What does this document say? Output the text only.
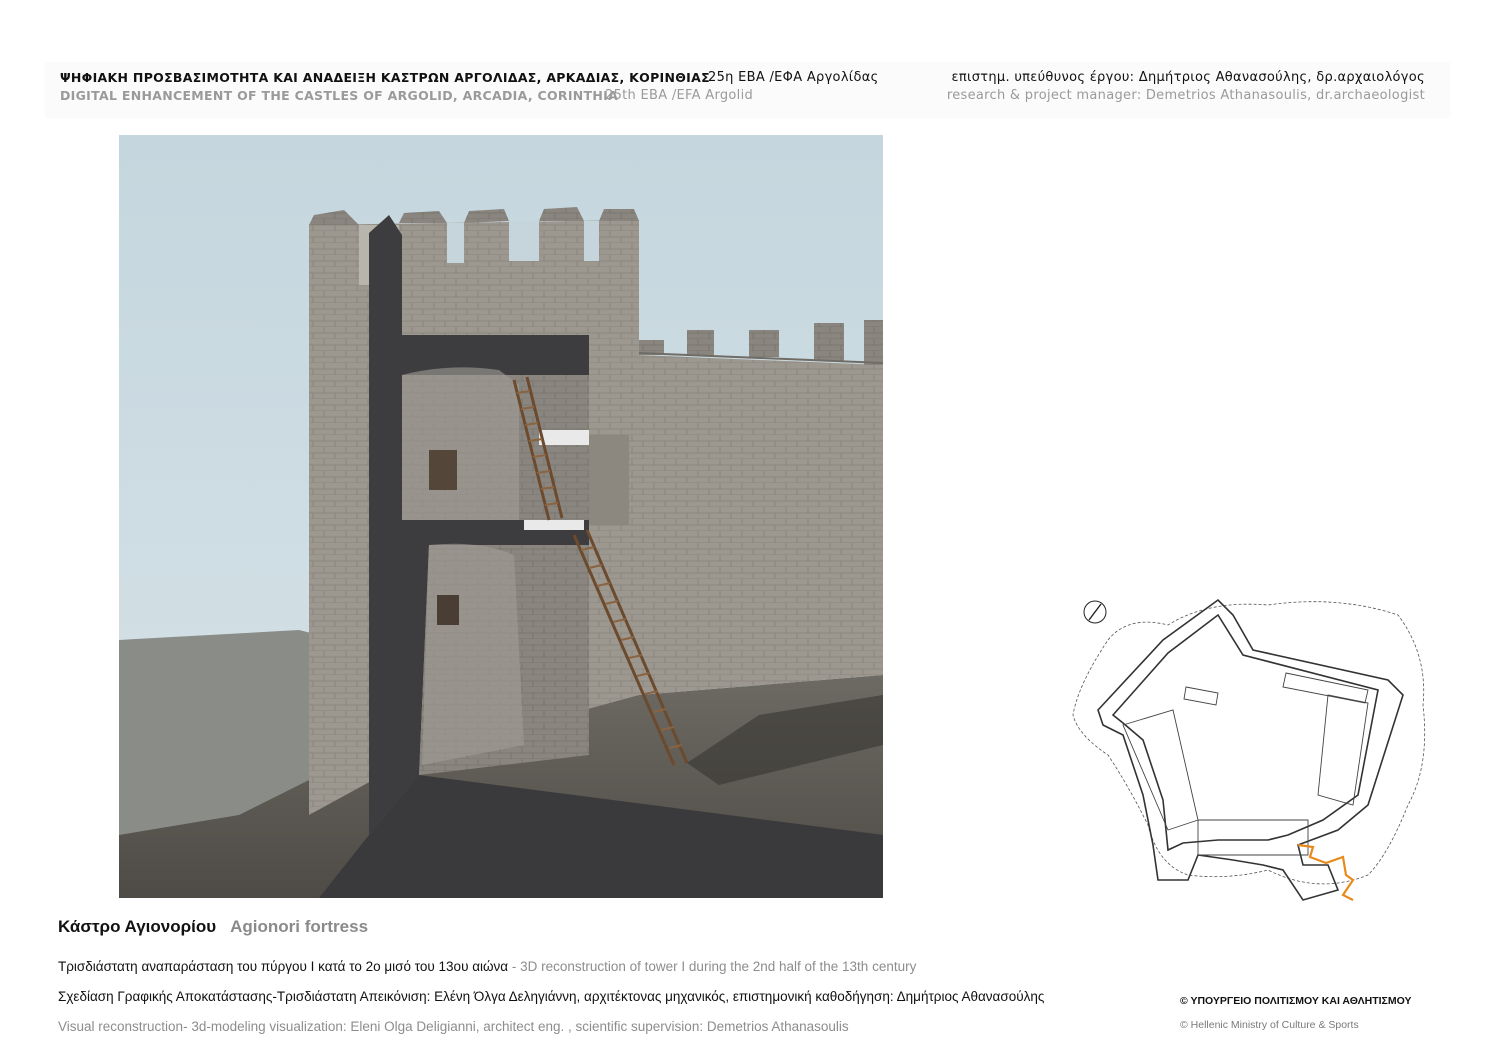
ΨΗΦΙΑΚΗ ΠΡΟΣΒΑΣΙΜΟΤΗΤΑ ΚΑΙ ΑΝΑΔΕΙΞΗ ΚΑΣΤΡΩΝ ΑΡΓΟΛΙΔΑΣ, ΑΡΚΑΔΙΑΣ, ΚΟΡΙΝΘΙΑΣ
DIGITAL ENHANCEMENT OF THE CASTLES OF ARGOLID, ARCADIA, CORINTHIA
25η ΕΒΑ /ΕΦΑ Αργολίδας
25th EBA /EFA Argolid
επιστημ. υπεύθυνος έργου: Δημήτριος Αθανασούλης, δρ.αρχαιολόγος
research & project manager: Demetrios Athanasoulis, dr.archaeologist
Κάστρο Αγιονορίου Agionori fortress
Τρισδιάστατη αναπαράσταση του πύργου Ι κατά το 2ο μισό του 13ου αιώνα - 3D reconstruction of tower I during the 2nd half of the 13th century
Σχεδίαση Γραφικής Αποκατάστασης-Τρισδιάστατη Απεικόνιση: Ελένη Όλγα Δεληγιάννη, αρχιτέκτονας μηχανικός, επιστημονική καθοδήγηση: Δημήτριος Αθανασούλης
Visual reconstruction- 3d-modeling visualization: Eleni Olga Deligianni, architect eng. , scientific supervision: Demetrios Athanasoulis
© ΥΠΟΥΡΓΕΙΟ ΠΟΛΙΤΙΣΜΟΥ ΚΑΙ ΑΘΛΗΤΙΣΜΟΥ
© Hellenic Ministry of Culture & Sports
